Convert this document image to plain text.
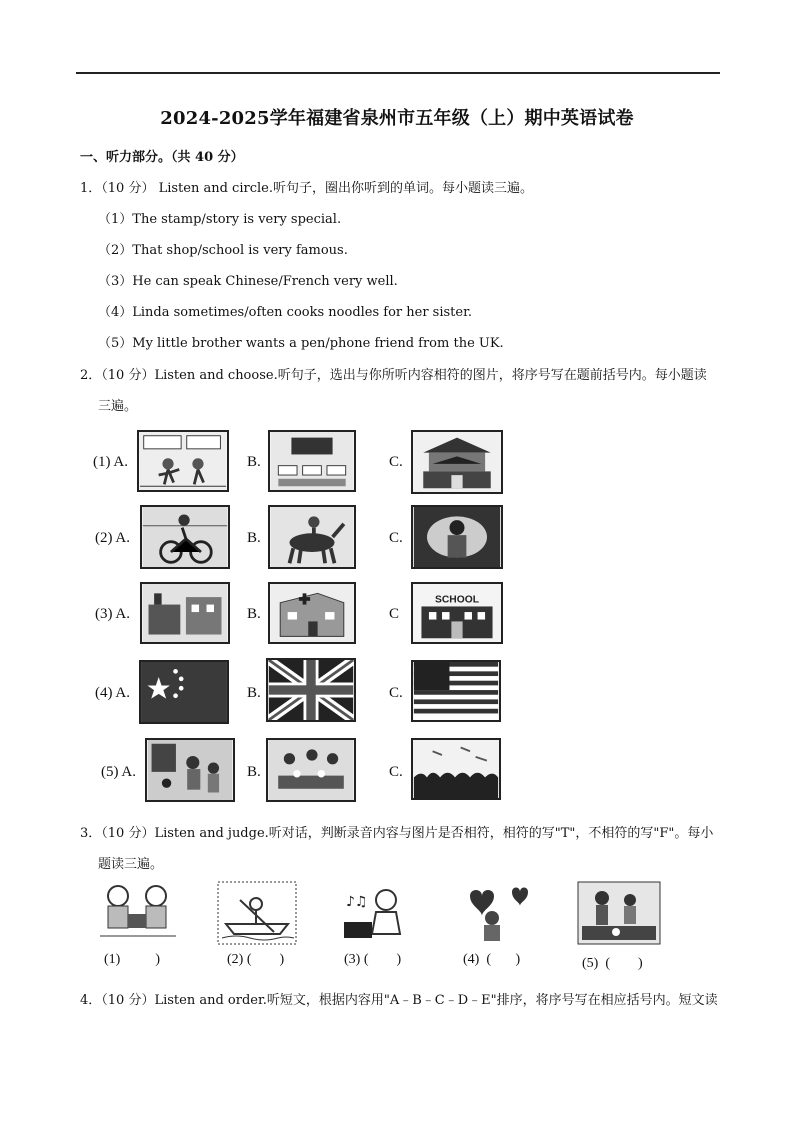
2024-2025学年福建省泉州市五年级（上）期中英语试卷
一、听力部分。（共 40 分）
1．（10 分） Listen and circle.听句子，圈出你听到的单词。每小题读三遍。
（1）The stamp/story is very special.
（2）That shop/school is very famous.
（3）He can speak Chinese/French very well.
（4）Linda sometimes/often cooks noodles for her sister.
（5）My little brother wants a pen/phone friend from the UK.
2．（10 分）Listen and choose.听句子，选出与你所听内容相符的图片，将序号写在题前括号内。每小题读
三遍。
(1) A.	B.	C.
(2) A.	B.	C.
(3) A.	B.	C
SCHOOL
(4) A.	B.	C.
(5) A.	B.	C.
3．（10 分）Listen and judge.听对话，判断录音内容与图片是否相符，相符的写"T"，不相符的写"F"。每小
题读三遍。
♪♫
(1)          )	(2) (        )	(3) (        )	(4)  (       )	(5)  (        )
4．（10 分）Listen and order.听短文，根据内容用"A﹣B﹣C﹣D﹣E"排序，将序号写在相应括号内。短文读
